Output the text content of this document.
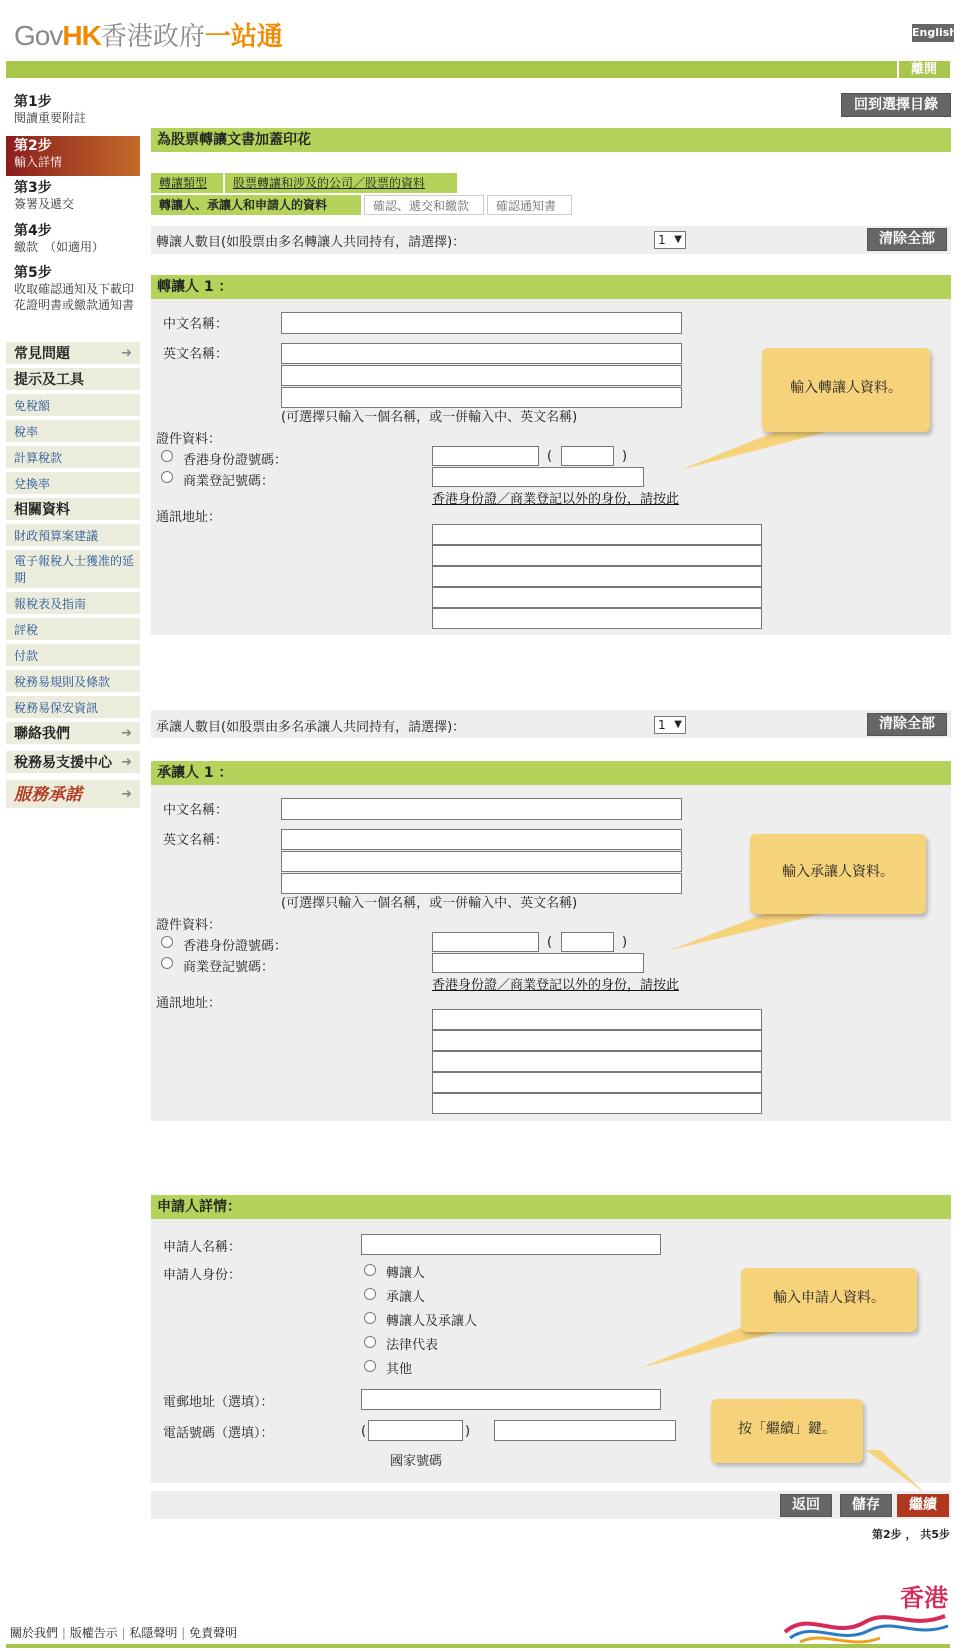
GovHK香港政府一站通	English
離開
第1步
閱讀重要附註
第2步
輸入詳情
第3步
簽署及遞交
第4步
繳款　（如適用）
第5步
收取確認通知及下載印花證明書或繳款通知書
常見問題	➜
提示及工具
免稅額
稅率
計算稅款
兌換率
相關資料
財政預算案建議
電子報稅人士獲准的延期
報稅表及指南
評稅
付款
稅務易規則及條款
稅務易保安資訊
聯絡我們	➜
稅務易支援中心 ➜
服務承諾	➜
回到選擇目錄
為股票轉讓文書加蓋印花
轉讓類型	股票轉讓和涉及的公司／股票的資料
轉讓人、承讓人和申請人的資料	確認、遞交和繳款	確認通知書
轉讓人數目(如股票由多名轉讓人共同持有，請選擇)：	1 ▼	清除全部
轉讓人 1 ：
中文名稱：
英文名稱：
(可選擇只輸入一個名稱，或一併輸入中、英文名稱)
證件資料：
香港身份證號碼：	(	)
商業登記號碼：
香港身份證／商業登記以外的身份，請按此
通訊地址：
輸入轉讓人資料。
承讓人數目(如股票由多名承讓人共同持有，請選擇)：	1 ▼	清除全部
承讓人 1 ：
中文名稱：
英文名稱：
(可選擇只輸入一個名稱，或一併輸入中、英文名稱)
證件資料：
香港身份證號碼：	(	)
商業登記號碼：
香港身份證／商業登記以外的身份，請按此
通訊地址：
輸入承讓人資料。
申請人詳情：
申請人名稱：
申請人身份：	轉讓人
承讓人
轉讓人及承讓人
法律代表
其他
電郵地址（選填）：
電話號碼（選填）：	(	)
國家號碼
輸入申請人資料。
按「繼續」鍵。
返回	儲存	繼續
第2步 ， 共5步
關於我們 | 版權告示 | 私隱聲明 | 免責聲明
香港
